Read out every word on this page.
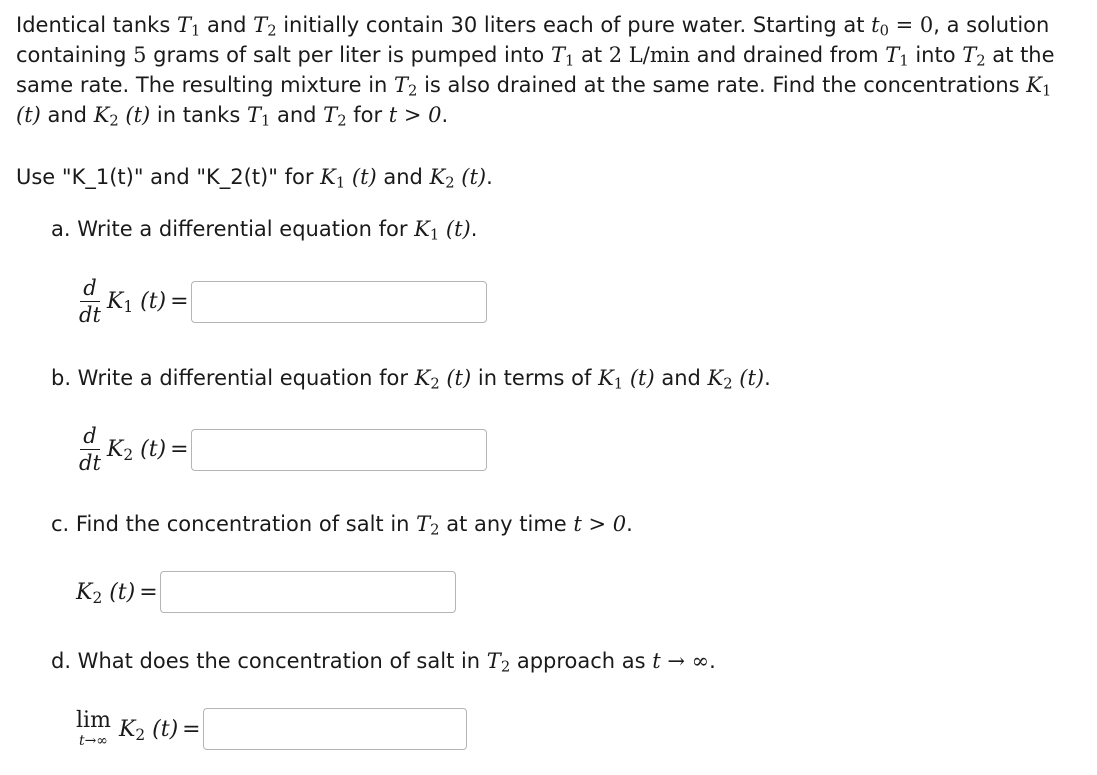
Identical tanks $T_1$ and $T_2$ initially contain 30 liters each of pure water. Starting at $t_0 = 0$, a solution containing 5 grams of salt per liter is pumped into $T_1$ at 2 L/min and drained from $T_1$ into $T_2$ at the same rate. The resulting mixture in $T_2$ is also drained at the same rate. Find the concentrations $K_1$ (t) and $K_2$ (t) in tanks $T_1$ and $T_2$ for t > 0.

Use "K_1(t)" and "K_2(t)" for $K_1$ (t) and $K_2$ (t).

a. Write a differential equation for $K_1$ (t).

$\frac{d}{dt} K_1$ (t) =

b. Write a differential equation for $K_2$ (t) in terms of $K_1$ (t) and $K_2$ (t).

$\frac{d}{dt} K_2$ (t) =

c. Find the concentration of salt in $T_2$ at any time t > 0.

$K_2$ (t) =

d. What does the concentration of salt in $T_2$ approach as t → ∞.

lim
t→∞ $K_2$ (t) =
